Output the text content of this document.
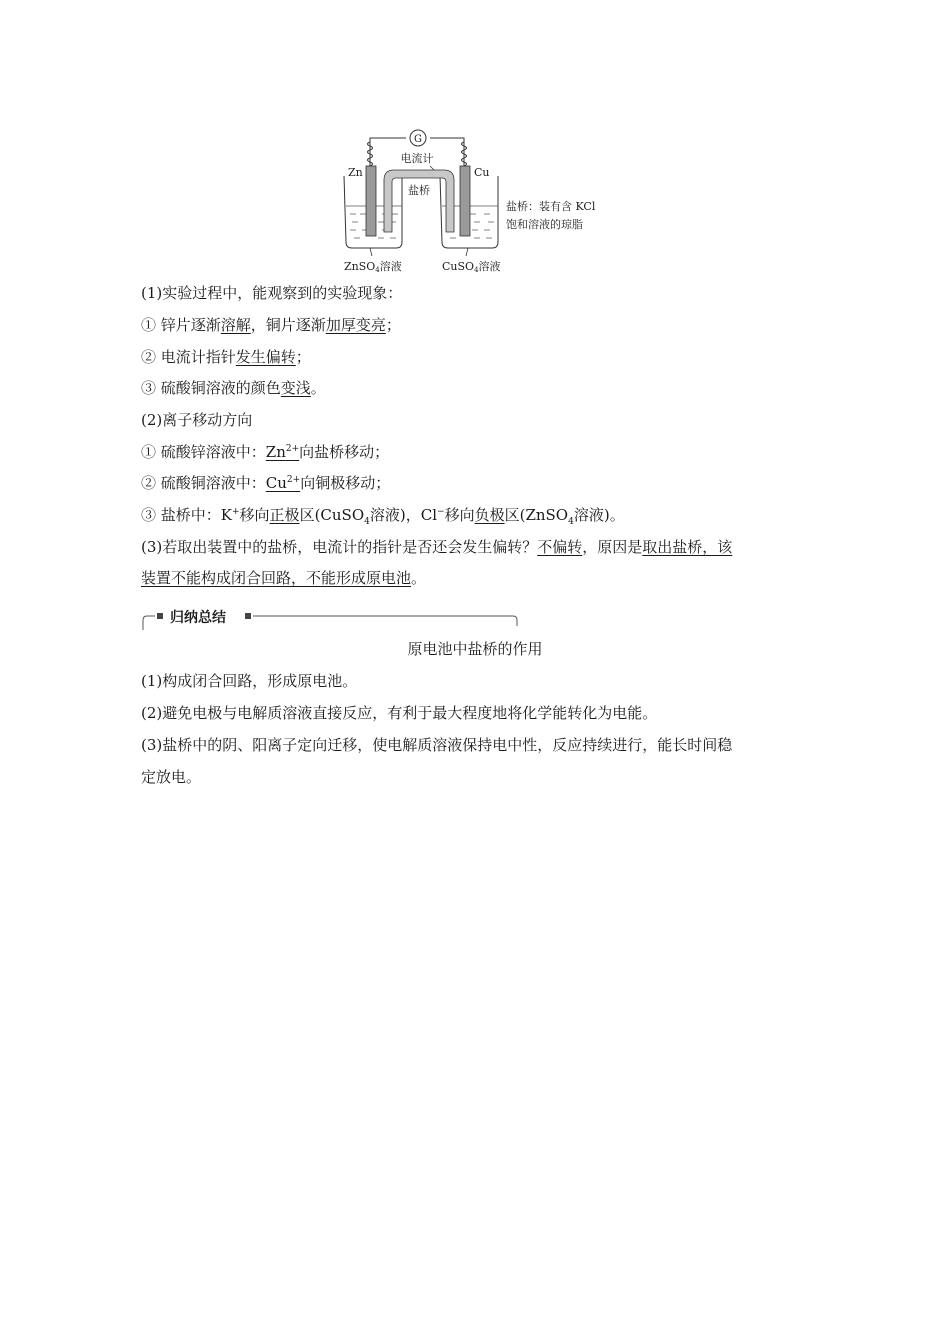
G
电流计
盐桥
Zn	Cu
ZnSO4溶液	CuSO4溶液
盐桥：装有含 KCl
饱和溶液的琼脂
(1)实验过程中，能观察到的实验现象：
① 锌片逐渐溶解，铜片逐渐加厚变亮；
② 电流计指针发生偏转；
③ 硫酸铜溶液的颜色变浅。
(2)离子移动方向
① 硫酸锌溶液中：$Zn^{2+}$向盐桥移动；
② 硫酸铜溶液中：$Cu^{2+}$向铜极移动；
③ 盐桥中：K+移向正极区(CuSO$_4$溶液)，Cl−移向负极区(ZnSO$_4$溶液)。
(3)若取出装置中的盐桥，电流计的指针是否还会发生偏转？不偏转，原因是取出盐桥，该
装置不能构成闭合回路，不能形成原电池。
归纳总结
原电池中盐桥的作用
(1)构成闭合回路，形成原电池。
(2)避免电极与电解质溶液直接反应，有利于最大程度地将化学能转化为电能。
(3)盐桥中的阴、阳离子定向迁移，使电解质溶液保持电中性，反应持续进行，能长时间稳
定放电。
